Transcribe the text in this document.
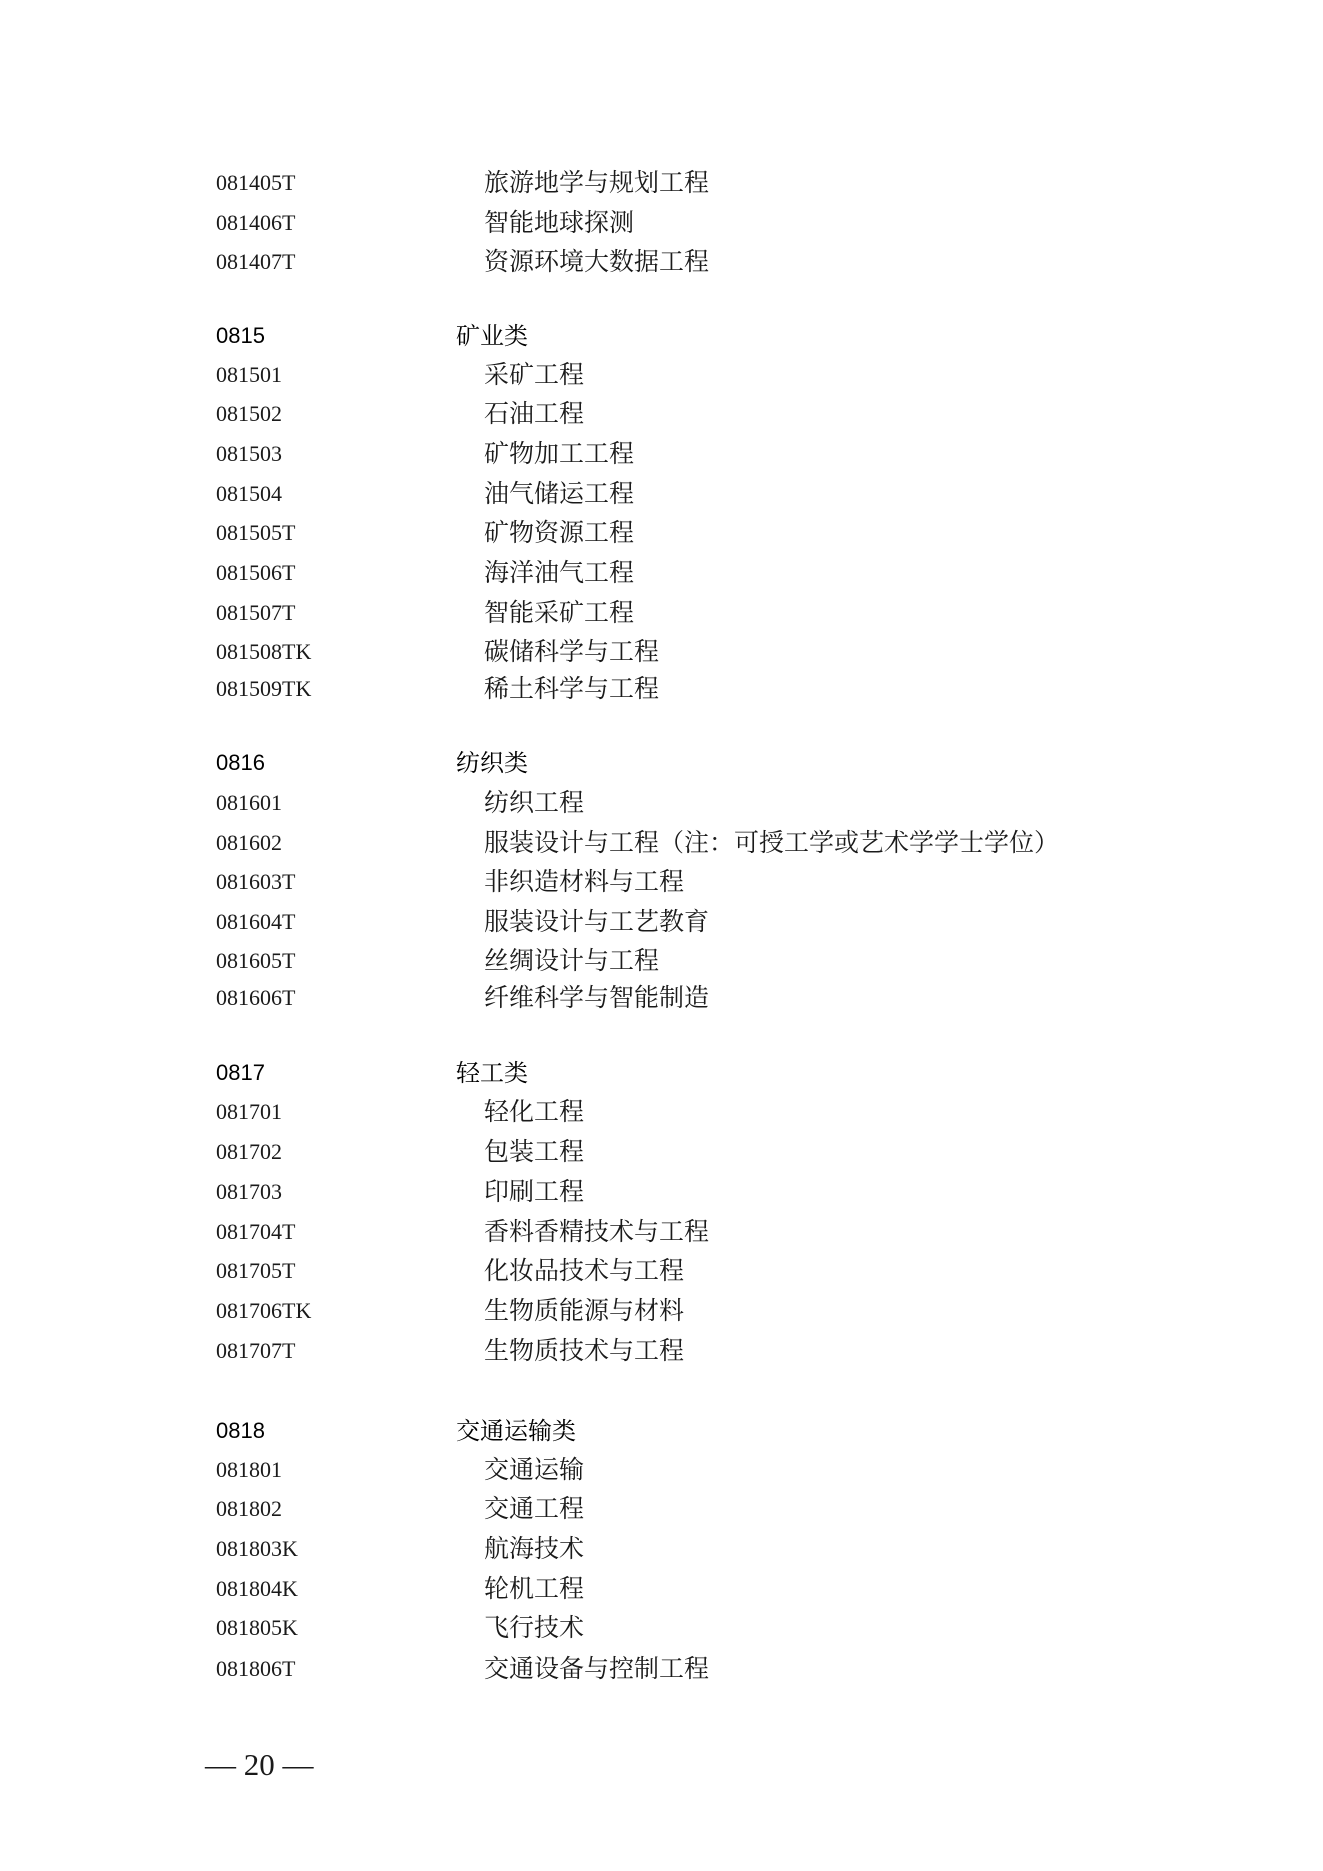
081405T	旅游地学与规划工程
081406T	智能地球探测
081407T	资源环境大数据工程
0815	矿业类
081501	采矿工程
081502	石油工程
081503	矿物加工工程
081504	油气储运工程
081505T	矿物资源工程
081506T	海洋油气工程
081507T	智能采矿工程
081508TK	碳储科学与工程
081509TK	稀土科学与工程
0816	纺织类
081601	纺织工程
081602	服装设计与工程（注：可授工学或艺术学学士学位）
081603T	非织造材料与工程
081604T	服装设计与工艺教育
081605T	丝绸设计与工程
081606T	纤维科学与智能制造
0817	轻工类
081701	轻化工程
081702	包装工程
081703	印刷工程
081704T	香料香精技术与工程
081705T	化妆品技术与工程
081706TK	生物质能源与材料
081707T	生物质技术与工程
0818	交通运输类
081801	交通运输
081802	交通工程
081803K	航海技术
081804K	轮机工程
081805K	飞行技术
081806T	交通设备与控制工程
— 20 —
